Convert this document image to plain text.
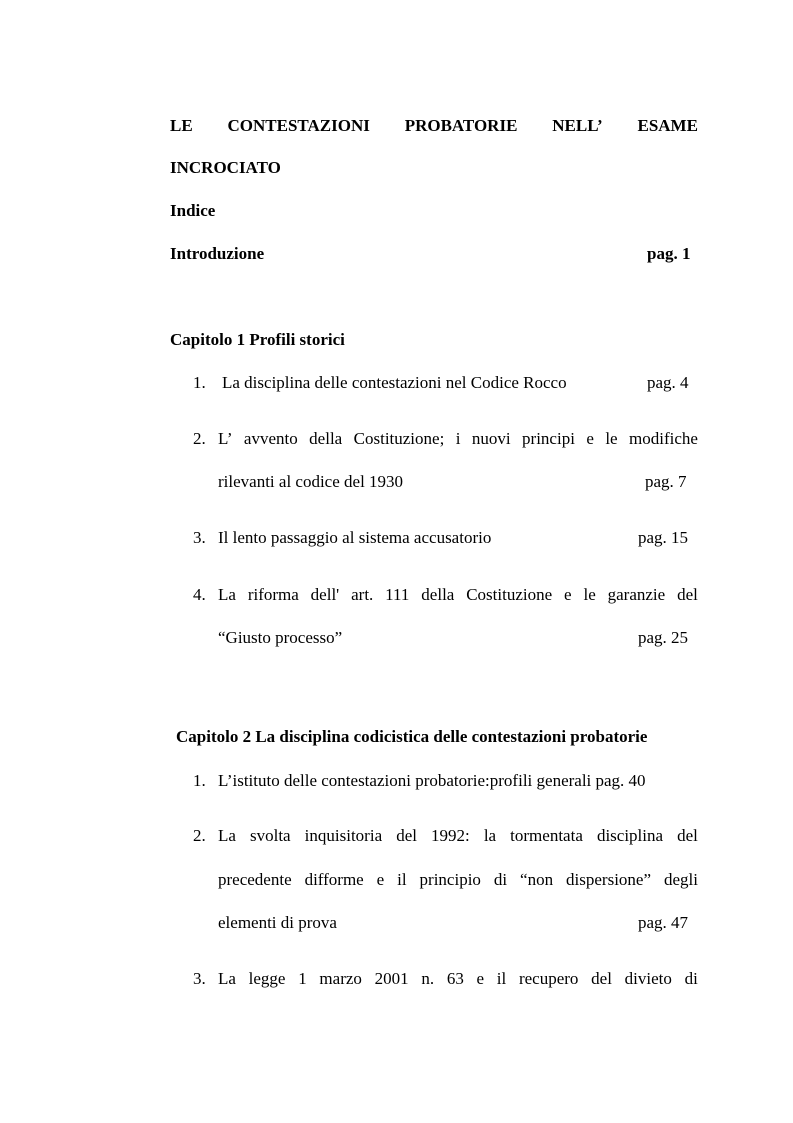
LE CONTESTAZIONI PROBATORIE NELL’ ESAME
INCROCIATO
Indice
Introduzione	pag. 1
Capitolo 1 Profili storici
1. La disciplina delle contestazioni nel Codice Rocco	pag. 4
2. L’ avvento della Costituzione; i nuovi principi e le modifiche
rilevanti al codice del 1930	pag. 7
3. Il lento passaggio al sistema accusatorio	pag. 15
4. La riforma dell' art. 111 della Costituzione e le garanzie del
“Giusto processo”	pag. 25
Capitolo 2 La disciplina codicistica delle contestazioni probatorie
1. L’istituto delle contestazioni probatorie:profili generali pag. 40
2. La svolta inquisitoria del 1992: la tormentata disciplina del
precedente difforme e il principio di “non dispersione” degli
elementi di prova	pag. 47
3. La legge 1 marzo 2001 n. 63 e il recupero del divieto di
